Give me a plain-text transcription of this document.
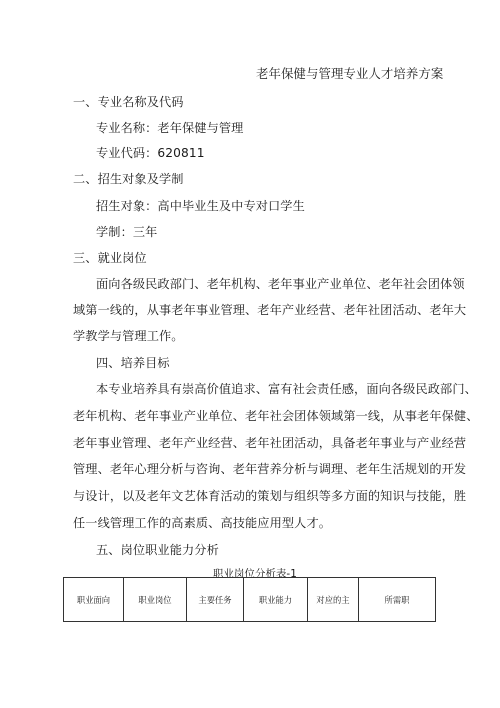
老年保健与管理专业人才培养方案
一、专业名称及代码
专业名称：老年保健与管理
专业代码：620811
二、招生对象及学制
招生对象：高中毕业生及中专对口学生
学制：三年
三、就业岗位
面向各级民政部门、老年机构、老年事业产业单位、老年社会团体领
域第一线的，从事老年事业管理、老年产业经营、老年社团活动、老年大
学教学与管理工作。
四、培养目标
本专业培养具有崇高价值追求、富有社会责任感，面向各级民政部门、
老年机构、老年事业产业单位、老年社会团体领域第一线，从事老年保健、
老年事业管理、老年产业经营、老年社团活动，具备老年事业与产业经营
管理、老年心理分析与咨询、老年营养分析与调理、老年生活规划的开发
与设计，以及老年文艺体育活动的策划与组织等多方面的知识与技能，胜
任一线管理工作的高素质、高技能应用型人才。
五、岗位职业能力分析
职业岗位分析表-1
职业面向	职业岗位	主要任务	职业能力	对应的主	所需职
